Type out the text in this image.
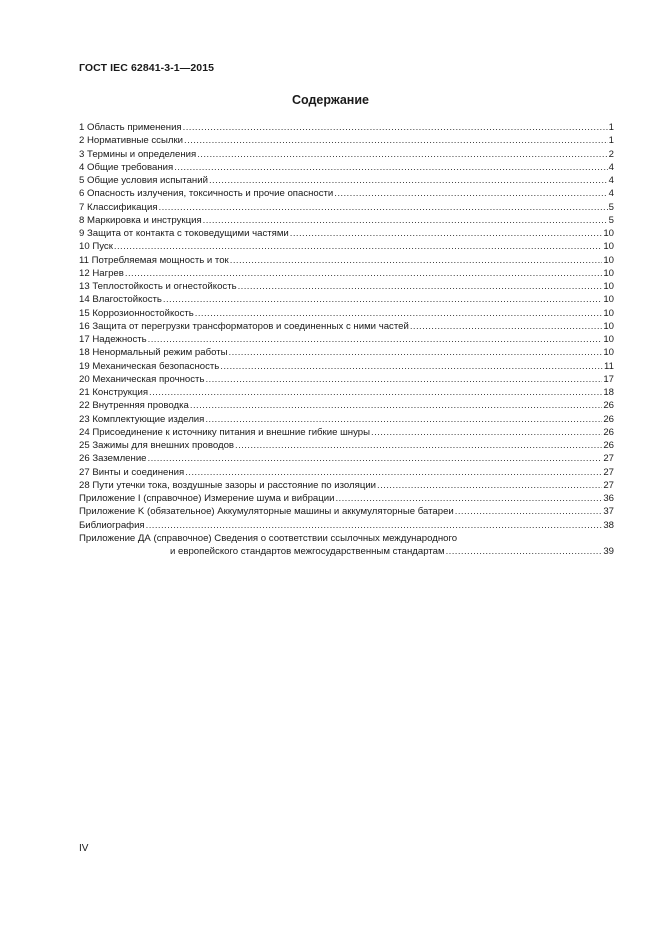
ГОСТ IEC 62841-3-1—2015
Содержание
1 Область применения .....	1
2 Нормативные ссылки .....	1
3 Термины и определения .....	2
4 Общие требования .....	4
5 Общие условия испытаний .....	4
6 Опасность излучения, токсичность и прочие опасности .....	4
7 Классификация .....	5
8 Маркировка и инструкция .....	5
9 Защита от контакта с токоведущими частями .....	10
10 Пуск .....	10
11 Потребляемая мощность и ток .....	10
12 Нагрев .....	10
13 Теплостойкость и огнестойкость .....	10
14 Влагостойкость .....	10
15 Коррозионностойкость .....	10
16 Защита от перегрузки трансформаторов и соединенных с ними частей .....	10
17 Надежность .....	10
18 Ненормальный режим работы .....	10
19 Механическая безопасность .....	11
20 Механическая прочность .....	17
21 Конструкция .....	18
22 Внутренняя проводка .....	26
23 Комплектующие изделия .....	26
24 Присоединение к источнику питания и внешние гибкие шнуры .....	26
25 Зажимы для внешних проводов .....	26
26 Заземление .....	27
27 Винты и соединения .....	27
28 Пути утечки тока, воздушные зазоры и расстояние по изоляции .....	27
Приложение I (справочное) Измерение шума и вибрации .....	36
Приложение K (обязательное) Аккумуляторные машины и аккумуляторные батареи .....	37
Библиография .....	38
Приложение ДА (справочное) Сведения о соответствии ссылочных международного
и европейского стандартов межгосударственным стандартам .....	39
IV
